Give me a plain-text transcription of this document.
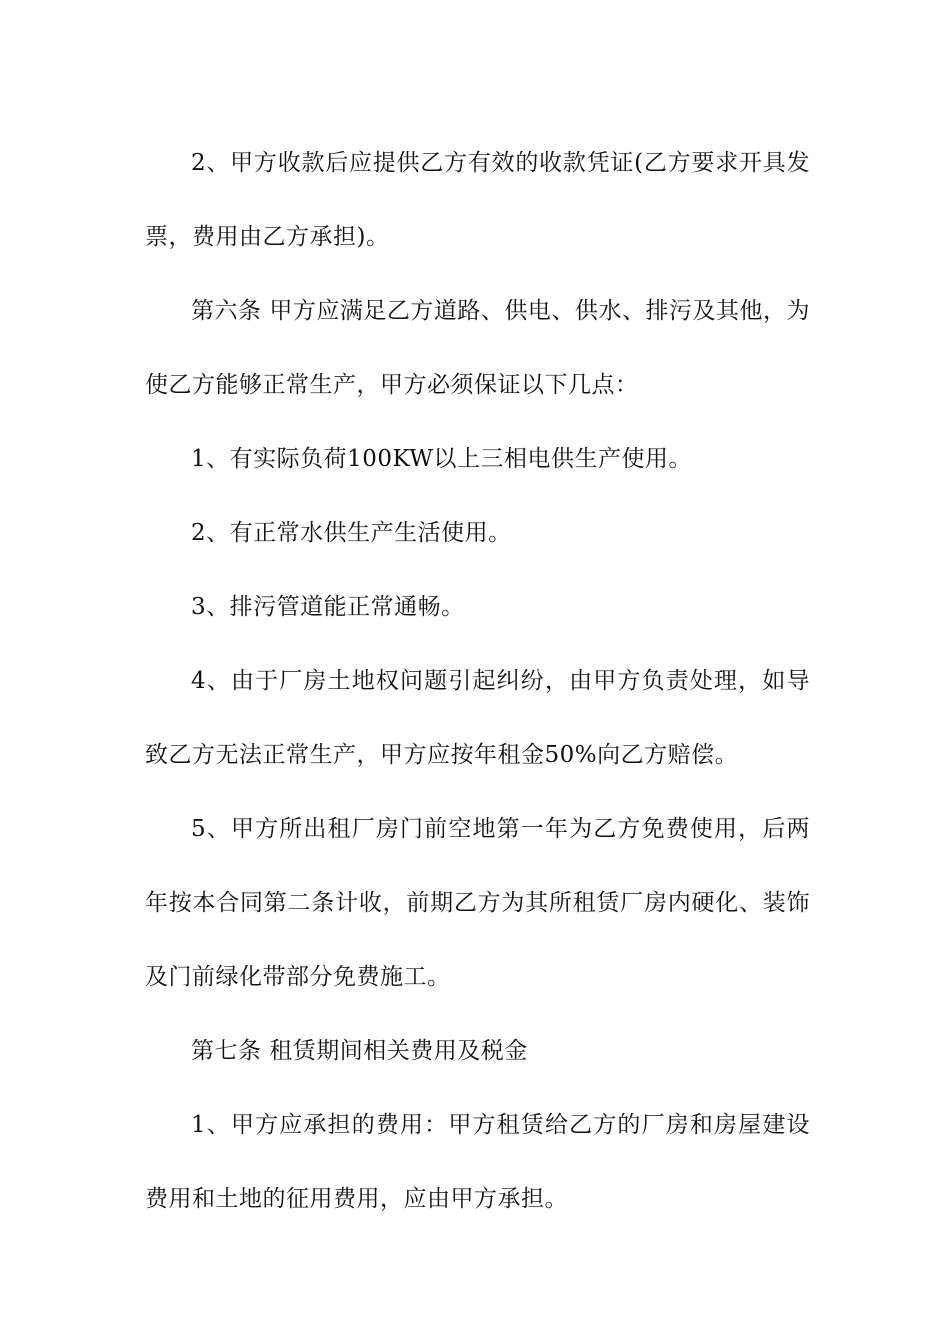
2、甲方收款后应提供乙方有效的收款凭证(乙方要求开具发票，费用由乙方承担)。

第六条 甲方应满足乙方道路、供电、供水、排污及其他，为使乙方能够正常生产，甲方必须保证以下几点：

1、有实际负荷100KW以上三相电供生产使用。

2、有正常水供生产生活使用。

3、排污管道能正常通畅。

4、由于厂房土地权问题引起纠纷，由甲方负责处理，如导致乙方无法正常生产，甲方应按年租金50%向乙方赔偿。

5、甲方所出租厂房门前空地第一年为乙方免费使用，后两年按本合同第二条计收，前期乙方为其所租赁厂房内硬化、装饰及门前绿化带部分免费施工。

第七条 租赁期间相关费用及税金

1、甲方应承担的费用：甲方租赁给乙方的厂房和房屋建设费用和土地的征用费用，应由甲方承担。
